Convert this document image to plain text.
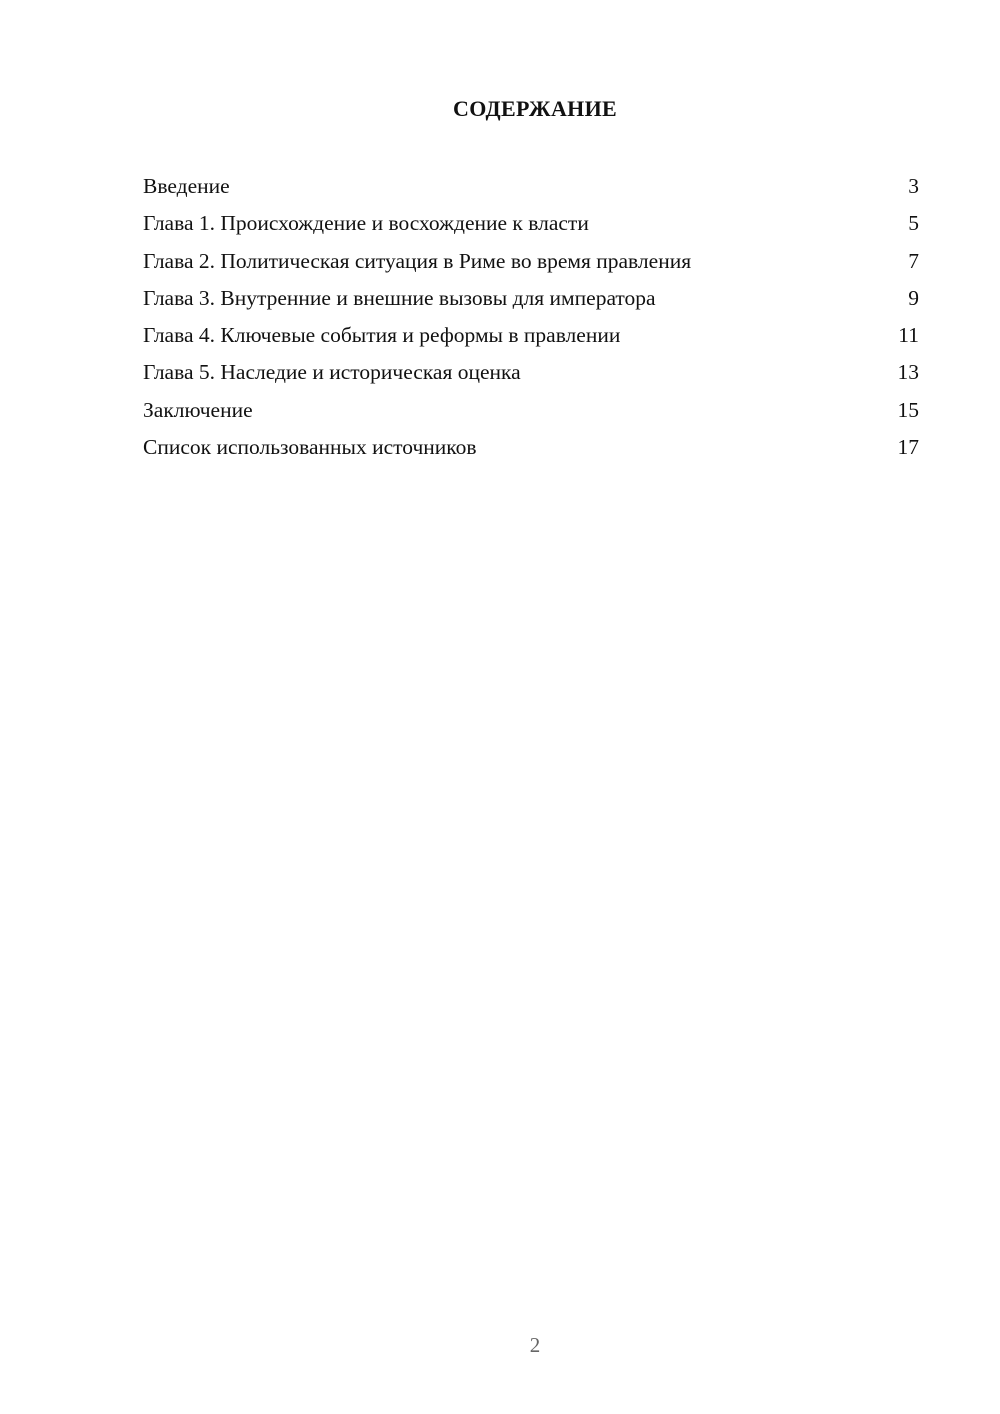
СОДЕРЖАНИЕ
Введение	3
Глава 1. Происхождение и восхождение к власти	5
Глава 2. Политическая ситуация в Риме во время правления	7
Глава 3. Внутренние и внешние вызовы для императора	9
Глава 4. Ключевые события и реформы в правлении	11
Глава 5. Наследие и историческая оценка	13
Заключение	15
Список использованных источников	17
2
